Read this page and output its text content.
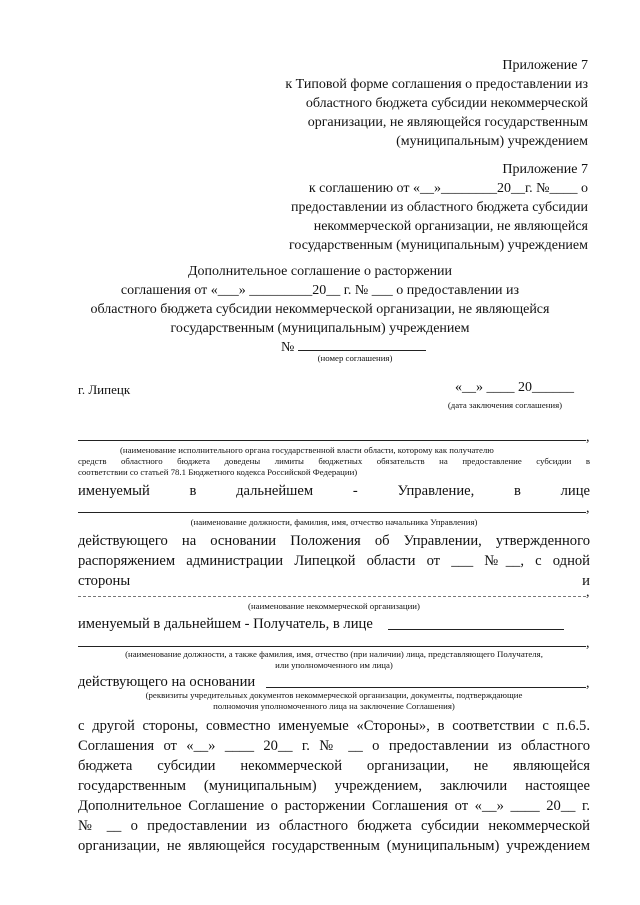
Приложение 7
к Типовой форме соглашения о предоставлении из
областного бюджета субсидии некоммерческой
организации, не являющейся государственным
(муниципальным) учреждением
Приложение 7
к соглашению от «__»________20__г. №____ о
предоставлении из областного бюджета субсидии
некоммерческой организации, не являющейся
государственным (муниципальным) учреждением
Дополнительное соглашение о расторжении
соглашения от «___» _________20__ г. № ___ о предоставлении из
областного бюджета субсидии некоммерческой организации, не являющейся
государственным (муниципальным) учреждением
№
(номер соглашения)
г. Липецк	«__» ____ 20______
(дата заключения соглашения)
,
(наименование исполнительного органа государственной власти области, которому как получателю
средств областного бюджета доведены лимиты бюджетных обязательств на предоставление субсидии в
соответствии со статьей 78.1 Бюджетного кодекса Российской Федерации)
именуемый в дальнейшем - Управление, в лице
,
(наименование должности, фамилия, имя, отчество начальника Управления)
действующего на основании Положения об Управлении, утвержденного
распоряжением администрации Липецкой области от ___ №__, с одной
стороны и
,
(наименование некоммерческой организации)
именуемый в дальнейшем - Получатель, в лице
,
(наименование должности, а также фамилия, имя, отчество (при наличии) лица, представляющего Получателя,
или уполномоченного им лица)
действующего на основании	,
(реквизиты учредительных документов некоммерческой организации, документы, подтверждающие
полномочия уполномоченного лица на заключение Соглашения)
с другой стороны, совместно именуемые «Стороны», в соответствии с п.6.5.
Соглашения от «__» ____ 20__ г. № __ о предоставлении из областного
бюджета субсидии некоммерческой организации, не являющейся
государственным (муниципальным) учреждением, заключили настоящее
Дополнительное Соглашение о расторжении Соглашения от «__» ____ 20__ г.
№ __ о предоставлении из областного бюджета субсидии некоммерческой
организации, не являющейся государственным (муниципальным) учреждением
